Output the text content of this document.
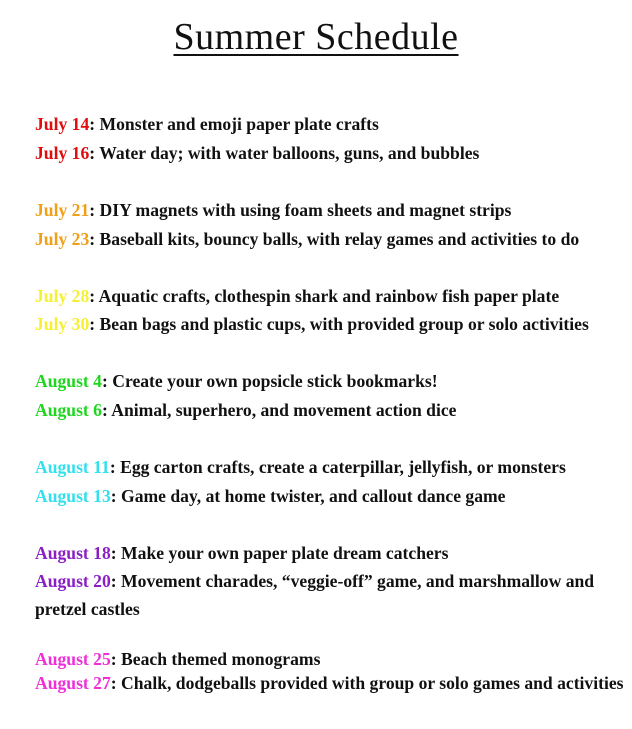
Summer Schedule
July 14: Monster and emoji paper plate crafts
July 16: Water day; with water balloons, guns, and bubbles
July 21: DIY magnets with using foam sheets and magnet strips
July 23: Baseball kits, bouncy balls, with relay games and activities to do
July 28: Aquatic crafts, clothespin shark and rainbow fish paper plate
July 30: Bean bags and plastic cups, with provided group or solo activities
August 4: Create your own popsicle stick bookmarks!
August 6: Animal, superhero, and movement action dice
August 11: Egg carton crafts, create a caterpillar, jellyfish, or monsters
August 13: Game day, at home twister, and callout dance game
August 18: Make your own paper plate dream catchers
August 20: Movement charades, “veggie-off” game, and marshmallow and pretzel castles
August 25: Beach themed monograms
August 27: Chalk, dodgeballs provided with group or solo games and activities
